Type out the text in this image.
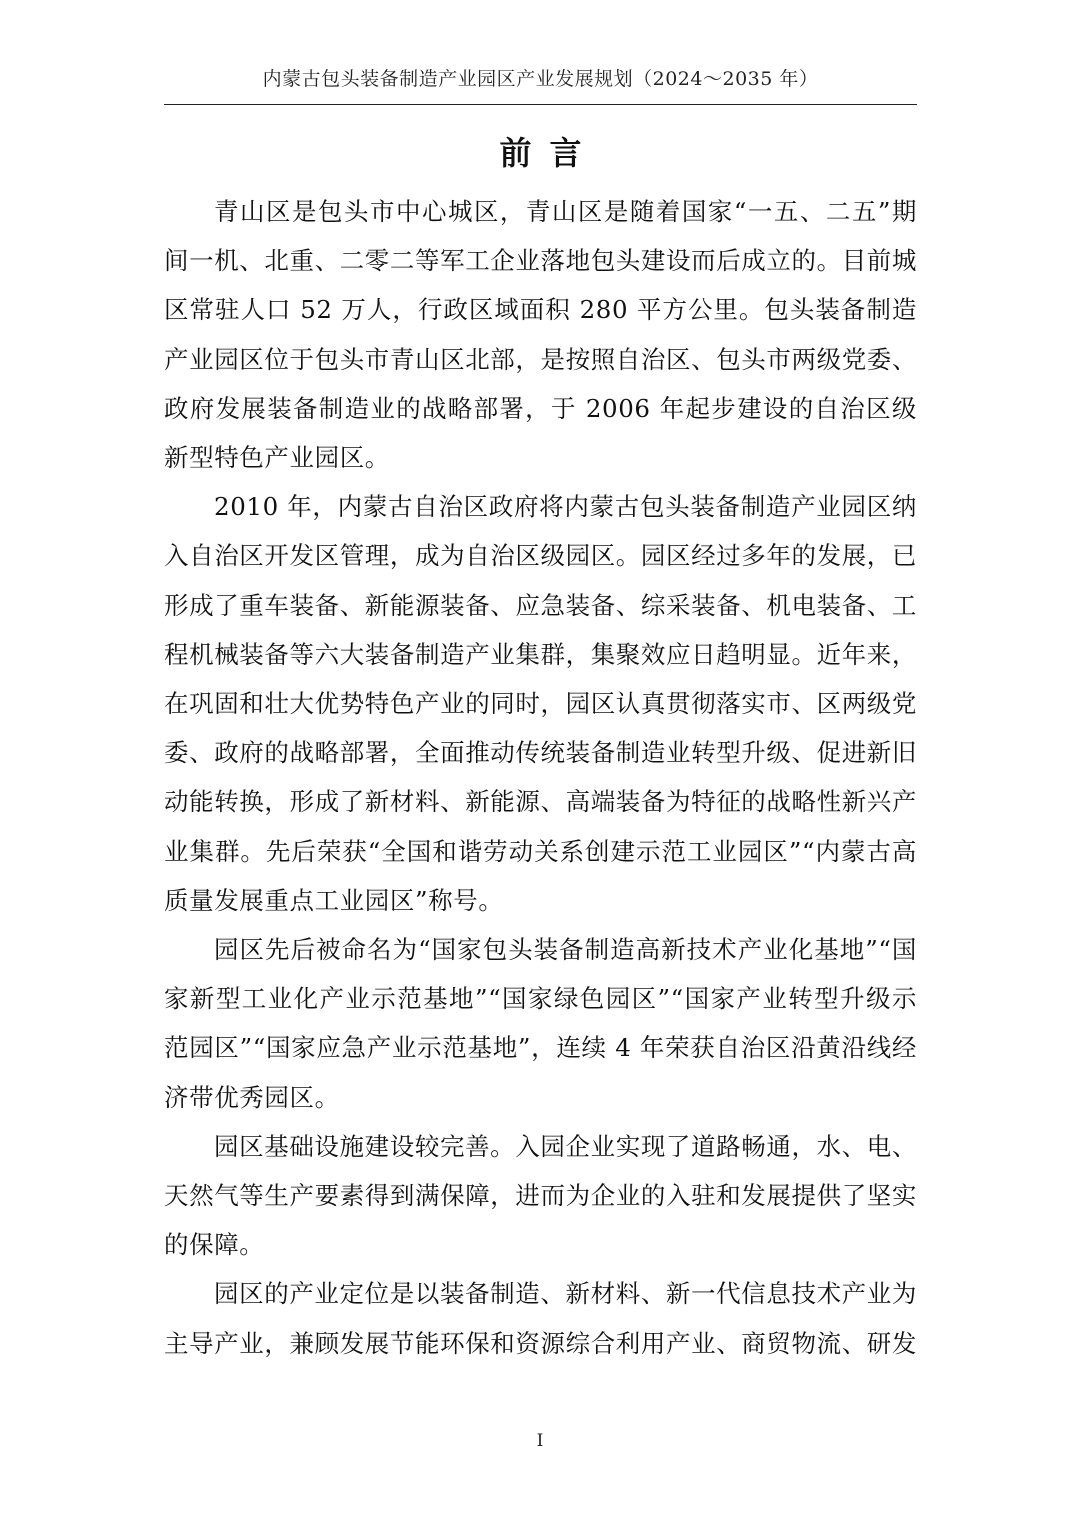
内蒙古包头装备制造产业园区产业发展规划（2024～2035 年）
前言

青山区是包头市中心城区，青山区是随着国家“一五、二五”期间一机、北重、二零二等军工企业落地包头建设而后成立的。目前城区常驻人口 52 万人，行政区域面积 280 平方公里。包头装备制造产业园区位于包头市青山区北部，是按照自治区、包头市两级党委、政府发展装备制造业的战略部署，于 2006 年起步建设的自治区级新型特色产业园区。

2010 年，内蒙古自治区政府将内蒙古包头装备制造产业园区纳入自治区开发区管理，成为自治区级园区。园区经过多年的发展，已形成了重车装备、新能源装备、应急装备、综采装备、机电装备、工程机械装备等六大装备制造产业集群，集聚效应日趋明显。近年来，在巩固和壮大优势特色产业的同时，园区认真贯彻落实市、区两级党委、政府的战略部署，全面推动传统装备制造业转型升级、促进新旧动能转换，形成了新材料、新能源、高端装备为特征的战略性新兴产业集群。先后荣获“全国和谐劳动关系创建示范工业园区”“内蒙古高质量发展重点工业园区”称号。

园区先后被命名为“国家包头装备制造高新技术产业化基地”“国家新型工业化产业示范基地”“国家绿色园区”“国家产业转型升级示范园区”“国家应急产业示范基地”，连续 4 年荣获自治区沿黄沿线经济带优秀园区。

园区基础设施建设较完善。入园企业实现了道路畅通，水、电、天然气等生产要素得到满保障，进而为企业的入驻和发展提供了坚实的保障。

园区的产业定位是以装备制造、新材料、新一代信息技术产业为主导产业，兼顾发展节能环保和资源综合利用产业、商贸物流、研发

I
